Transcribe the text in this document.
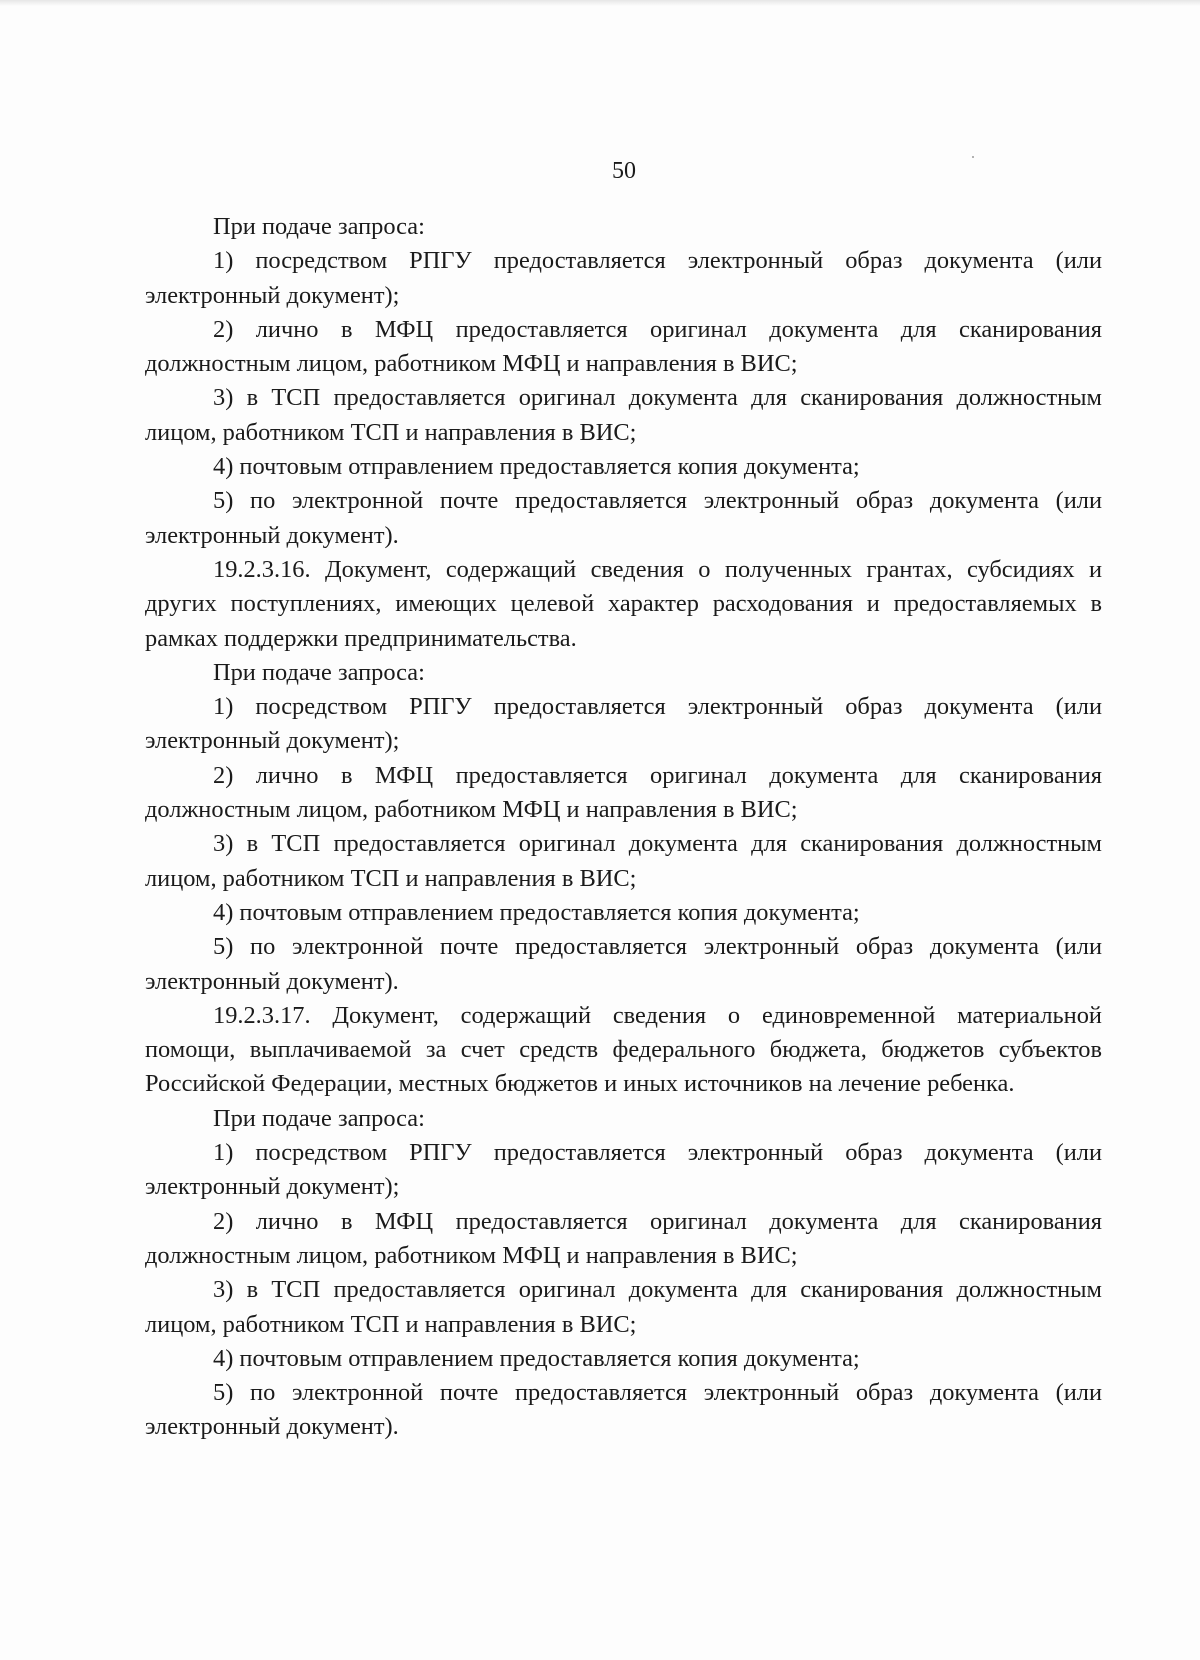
50

При подаче запроса:

1) посредством РПГУ предоставляется электронный образ документа (или электронный документ);

2) лично в МФЦ предоставляется оригинал документа для сканирования должностным лицом, работником МФЦ и направления в ВИС;

3) в ТСП предоставляется оригинал документа для сканирования должностным лицом, работником ТСП и направления в ВИС;

4) почтовым отправлением предоставляется копия документа;

5) по электронной почте предоставляется электронный образ документа (или электронный документ).

19.2.3.16. Документ, содержащий сведения о полученных грантах, субсидиях и других поступлениях, имеющих целевой характер расходования и предоставляемых в рамках поддержки предпринимательства.

При подаче запроса:

1) посредством РПГУ предоставляется электронный образ документа (или электронный документ);

2) лично в МФЦ предоставляется оригинал документа для сканирования должностным лицом, работником МФЦ и направления в ВИС;

3) в ТСП предоставляется оригинал документа для сканирования должностным лицом, работником ТСП и направления в ВИС;

4) почтовым отправлением предоставляется копия документа;

5) по электронной почте предоставляется электронный образ документа (или электронный документ).

19.2.3.17. Документ, содержащий сведения о единовременной материальной помощи, выплачиваемой за счет средств федерального бюджета, бюджетов субъектов Российской Федерации, местных бюджетов и иных источников на лечение ребенка.

При подаче запроса:

1) посредством РПГУ предоставляется электронный образ документа (или электронный документ);

2) лично в МФЦ предоставляется оригинал документа для сканирования должностным лицом, работником МФЦ и направления в ВИС;

3) в ТСП предоставляется оригинал документа для сканирования должностным лицом, работником ТСП и направления в ВИС;

4) почтовым отправлением предоставляется копия документа;

5) по электронной почте предоставляется электронный образ документа (или электронный документ).
